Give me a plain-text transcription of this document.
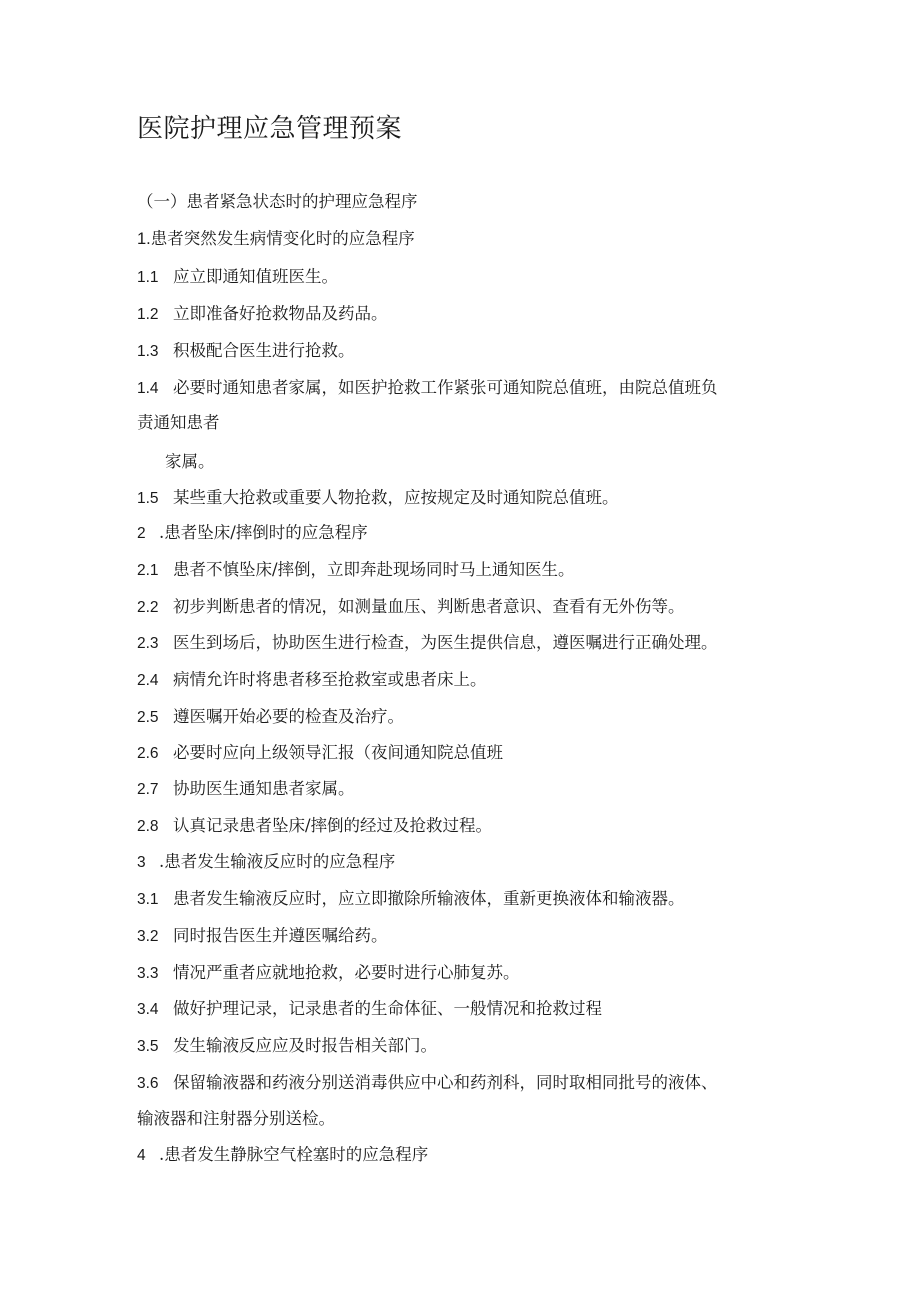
医院护理应急管理预案
（一）患者紧急状态时的护理应急程序
1.患者突然发生病情变化时的应急程序
1.1 应立即通知值班医生。
1.2 立即准备好抢救物品及药品。
1.3 积极配合医生进行抢救。
1.4 必要时通知患者家属，如医护抢救工作紧张可通知院总值班，由院总值班负
责通知患者
家属。
1.5 某些重大抢救或重要人物抢救，应按规定及时通知院总值班。
2 .患者坠床/摔倒时的应急程序
2.1 患者不慎坠床/摔倒，立即奔赴现场同时马上通知医生。
2.2 初步判断患者的情况，如测量血压、判断患者意识、查看有无外伤等。
2.3 医生到场后，协助医生进行检查，为医生提供信息，遵医嘱进行正确处理。
2.4 病情允许时将患者移至抢救室或患者床上。
2.5 遵医嘱开始必要的检查及治疗。
2.6 必要时应向上级领导汇报（夜间通知院总值班
2.7 协助医生通知患者家属。
2.8 认真记录患者坠床/摔倒的经过及抢救过程。
3 .患者发生输液反应时的应急程序
3.1 患者发生输液反应时，应立即撤除所输液体，重新更换液体和输液器。
3.2 同时报告医生并遵医嘱给药。
3.3 情况严重者应就地抢救，必要时进行心肺复苏。
3.4 做好护理记录，记录患者的生命体征、一般情况和抢救过程
3.5 发生输液反应应及时报告相关部门。
3.6 保留输液器和药液分别送消毒供应中心和药剂科，同时取相同批号的液体、
输液器和注射器分别送检。
4 .患者发生静脉空气栓塞时的应急程序
